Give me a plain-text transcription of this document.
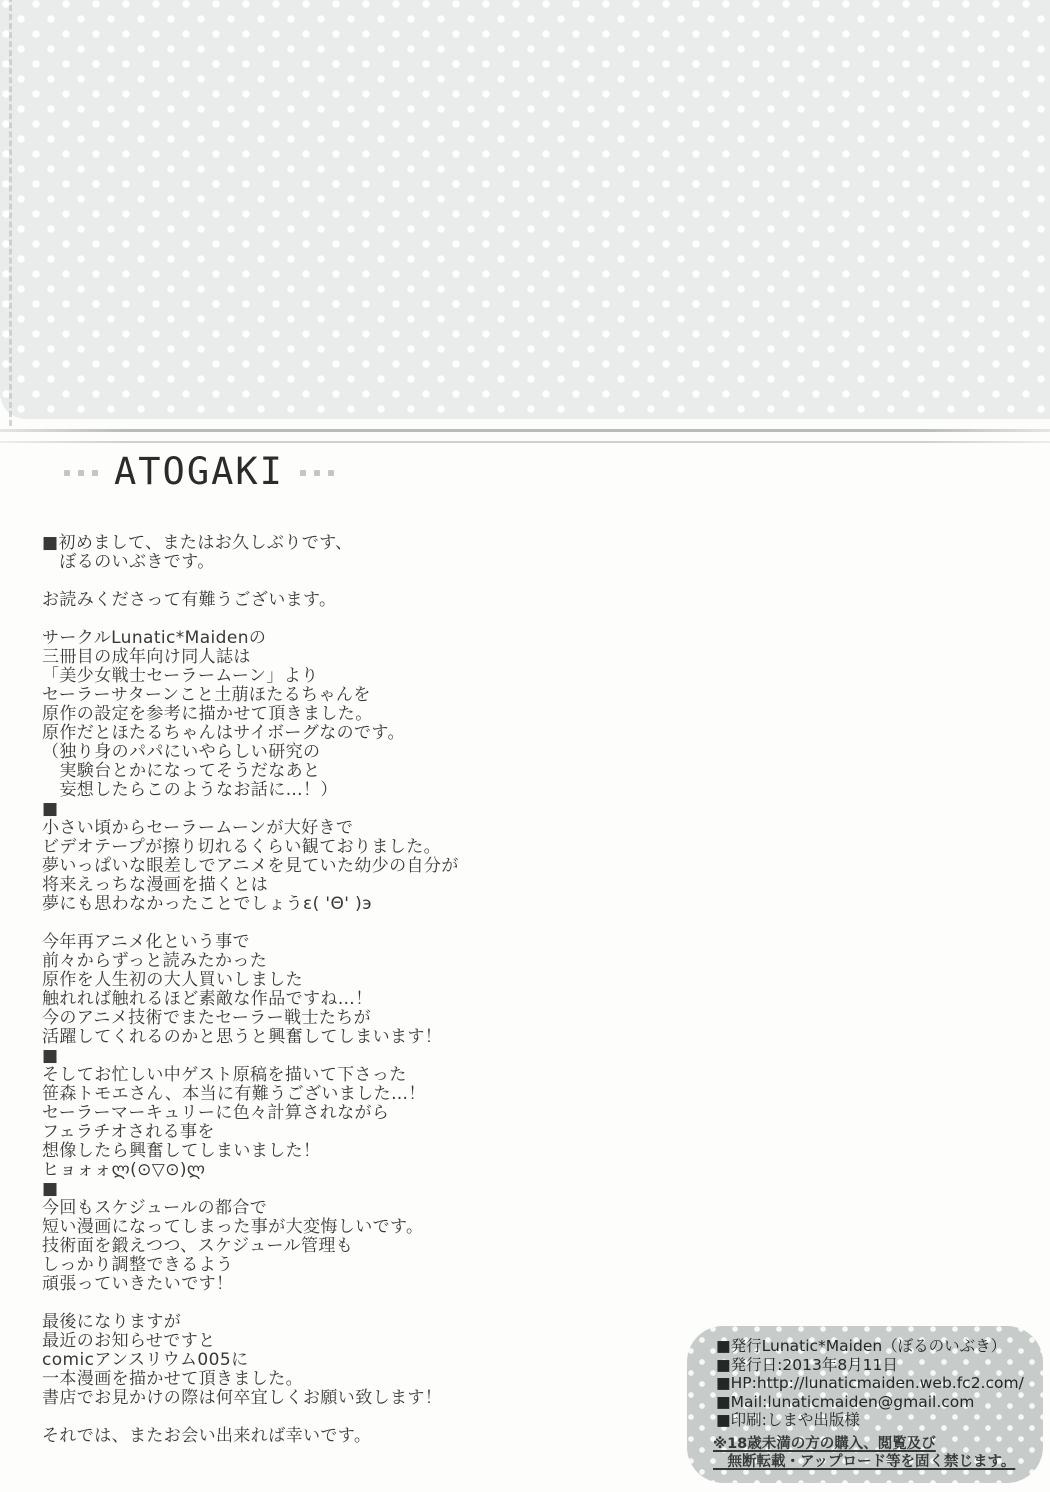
ATOGAKI
■初めまして、またはお久しぶりです、
　ぼるのいぶきです。
お読みくださって有難うございます。
サークルLunatic*Maidenの
三冊目の成年向け同人誌は
「美少女戦士セーラームーン」より
セーラーサターンこと土萠ほたるちゃんを
原作の設定を参考に描かせて頂きました。
原作だとほたるちゃんはサイボーグなのです。
（独り身のパパにいやらしい研究の
　実験台とかになってそうだなあと
　妄想したらこのようなお話に…！）
■
小さい頃からセーラームーンが大好きで
ビデオテープが擦り切れるくらい観ておりました。
夢いっぱいな眼差しでアニメを見ていた幼少の自分が
将来えっちな漫画を描くとは
夢にも思わなかったことでしょうε( 'Θ' )э
今年再アニメ化という事で
前々からずっと読みたかった
原作を人生初の大人買いしました
触れれば触れるほど素敵な作品ですね…！
今のアニメ技術でまたセーラー戦士たちが
活躍してくれるのかと思うと興奮してしまいます！
■
そしてお忙しい中ゲスト原稿を描いて下さった
笹森トモエさん、本当に有難うございました…！
セーラーマーキュリーに色々計算されながら
フェラチオされる事を
想像したら興奮してしまいました！
ヒョォォლ(⊙▽⊙)ლ
■
今回もスケジュールの都合で
短い漫画になってしまった事が大変悔しいです。
技術面を鍛えつつ、スケジュール管理も
しっかり調整できるよう
頑張っていきたいです！
最後になりますが
最近のお知らせですと
comicアンスリウム005に
一本漫画を描かせて頂きました。
書店でお見かけの際は何卒宜しくお願い致します！
それでは、またお会い出来れば幸いです。
■発行Lunatic*Maiden（ぼるのいぶき）
■発行日:2013年8月11日
■HP:http://lunaticmaiden.web.fc2.com/
■Mail:lunaticmaiden@gmail.com
■印刷:しまや出版様
※18歳未満の方の購入、閲覧及び
　無断転載・アップロード等を固く禁じます。
